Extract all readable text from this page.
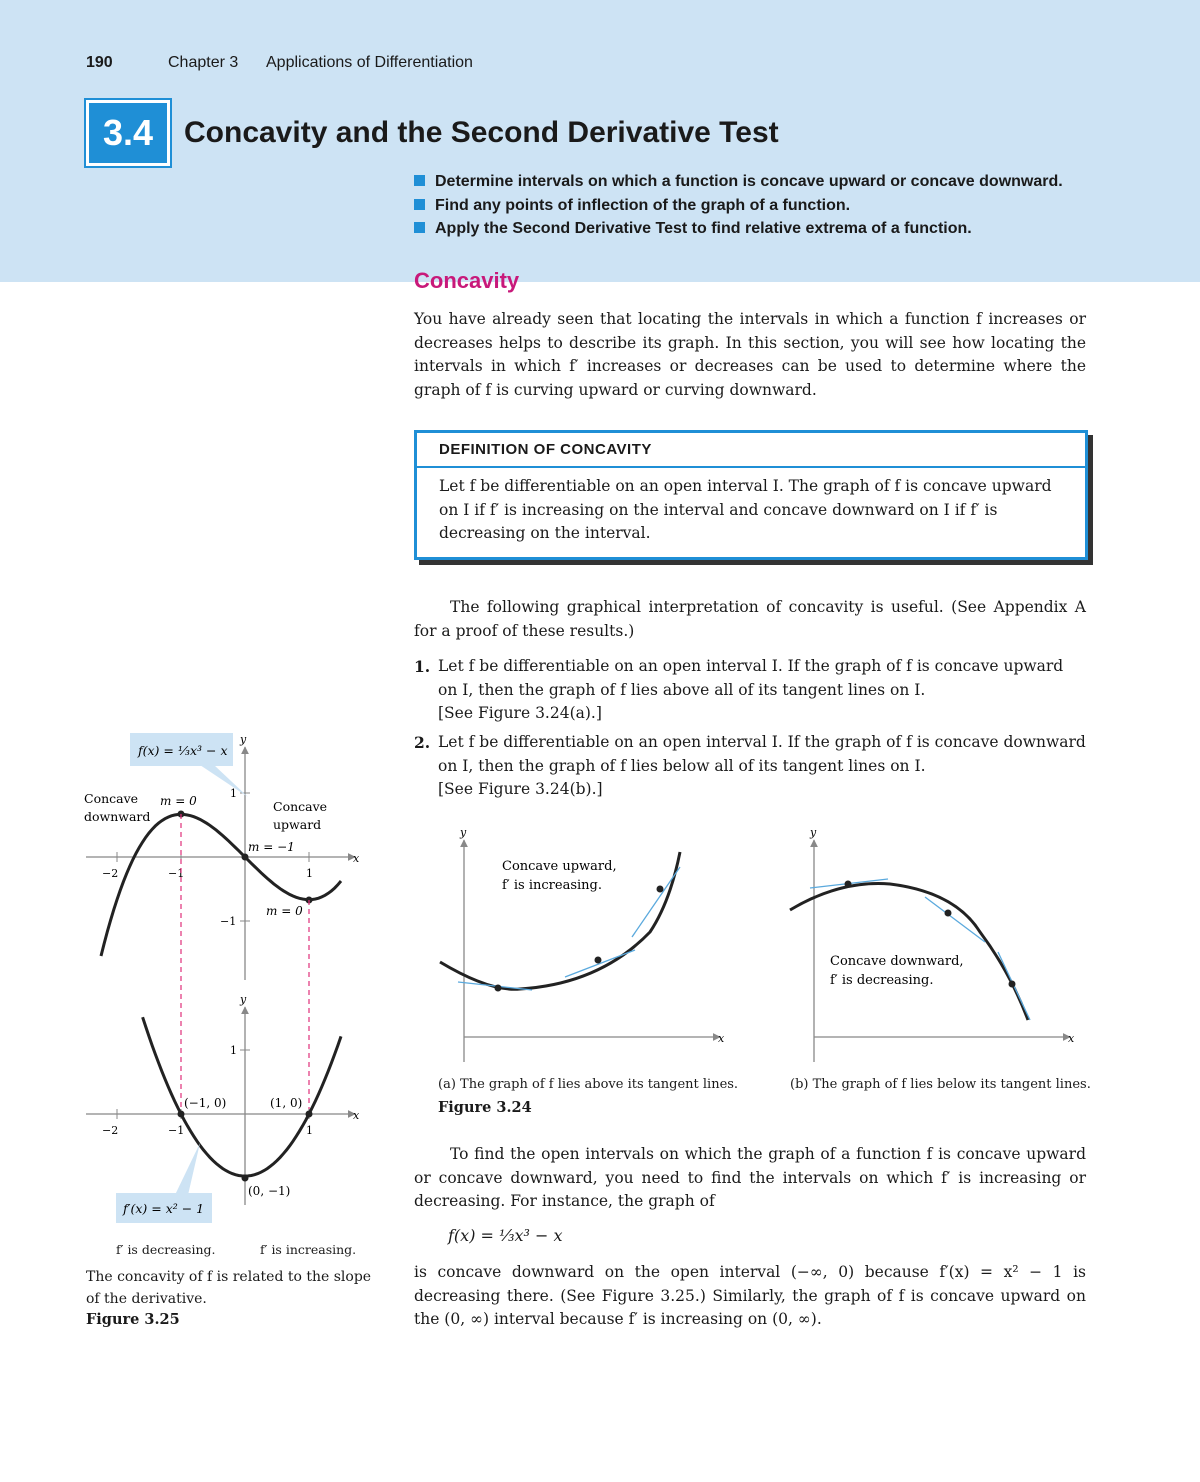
190	Chapter 3 Applications of Differentiation
3.4	Concavity and the Second Derivative Test
Determine intervals on which a function is concave upward or concave downward.
Find any points of inflection of the graph of a function.
Apply the Second Derivative Test to find relative extrema of a function.
Concavity
You have already seen that locating the intervals in which a function f increases or decreases helps to describe its graph. In this section, you will see how locating the intervals in which f′ increases or decreases can be used to determine where the graph of f is curving upward or curving downward.
DEFINITION OF CONCAVITY
Let f be differentiable on an open interval I. The graph of f is concave upward on I if f′ is increasing on the interval and concave downward on I if f′ is decreasing on the interval.
The following graphical interpretation of concavity is useful. (See Appendix A for a proof of these results.)
1. Let f be differentiable on an open interval I. If the graph of f is concave upward on I, then the graph of f lies above all of its tangent lines on I.
[See Figure 3.24(a).]
2. Let f be differentiable on an open interval I. If the graph of f is concave downward on I, then the graph of f lies below all of its tangent lines on I.
[See Figure 3.24(b).]
y
x
Concave upward,
f′ is increasing.
y
x
Concave downward,
f′ is decreasing.
(a) The graph of f lies above its tangent lines.	(b) The graph of f lies below its tangent lines.
Figure 3.24
To find the open intervals on which the graph of a function f is concave upward or concave downward, you need to find the intervals on which f′ is increasing or decreasing. For instance, the graph of
f(x) = ⅓x³ − x
is concave downward on the open interval (−∞, 0) because f′(x) = x² − 1 is decreasing there. (See Figure 3.25.) Similarly, the graph of f is concave upward on the (0, ∞) interval because f′ is increasing on (0, ∞).
y
x
−2	−1	1
1
−1
m = 0
m = −1
m = 0
Concave
downward
Concave
upward
f(x) = ⅓x³ − x
y
x
−2	−1	1
1
(−1, 0)	(1, 0)
(0, −1)
f′(x) = x² − 1
f′ is decreasing.	f′ is increasing.
The concavity of f is related to the slope of the derivative.
Figure 3.25
